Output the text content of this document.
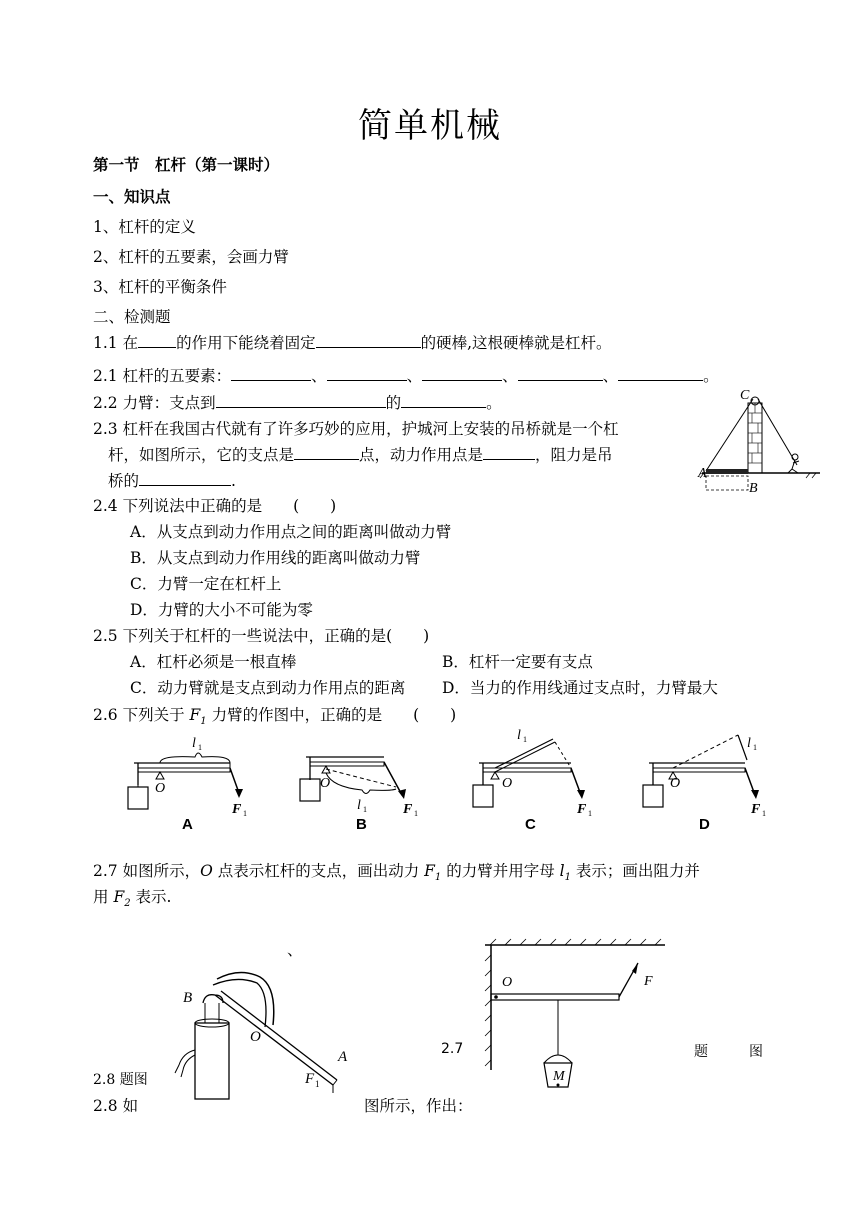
简单机械
第一节　杠杆（第一课时）
一、知识点
1、杠杆的定义
2、杠杆的五要素，会画力臂
3、杠杆的平衡条件
二、检测题
1.1 在 的作用下能绕着固定	的硬棒,这根硬棒就是杠杆。
2.1 杠杆的五要素：	、	、	、	、	。
2.2 力臂：支点到	的	。
2.3 杠杆在我国古代就有了许多巧妙的应用，护城河上安装的吊桥就是一个杠
杆，如图所示，它的支点是	点，动力作用点是	，阻力是吊
桥的	.	A
B
C
2.4 下列说法中正确的是　　(　　)
A．从支点到动力作用点之间的距离叫做动力臂
B．从支点到动力作用线的距离叫做动力臂
C．力臂一定在杠杆上
D．力臂的大小不可能为零
2.5 下列关于杠杆的一些说法中，正确的是(　　)
A．杠杆必须是一根直棒	B．杠杆一定要有支点
C．动力臂就是支点到动力作用点的距离 D．当力的作用线通过支点时，力臂最大
2.6 下列关于 $F_1$ 力臂的作图中，正确的是　　(　　)
l 1
O
F 1
A
O
l 1	F 1
B
l 1
O
F 1
C
l 1
O
F 1
D
2.7 如图所示，O 点表示杠杆的支点，画出动力 $F_1$ 的力臂并用字母 $l_1$ 表示；画出阻力并
用 $F_2$ 表示.
、
B
O
A
F 1
O	F
M
2.7	题	图
2.8 题图
2.8 如	图所示，作出：
